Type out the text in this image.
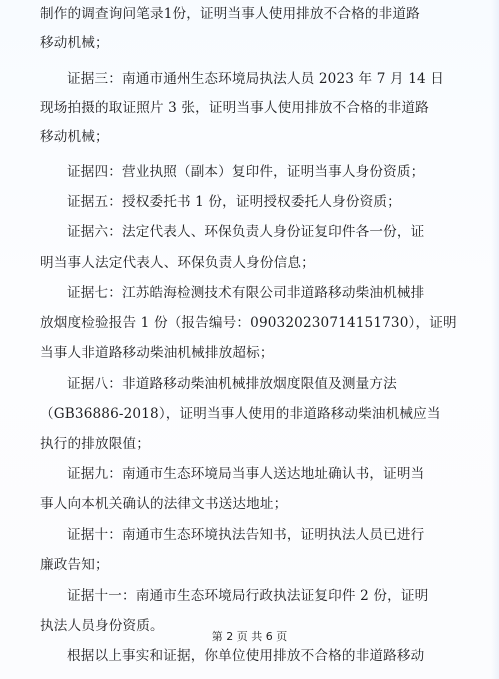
制作的调查询问笔录1份，证明当事人使用排放不合格的非道路
移动机械；
证据三：南通市通州生态环境局执法人员 2023 年 7 月 14 日
现场拍摄的取证照片 3 张，证明当事人使用排放不合格的非道路
移动机械；
证据四：营业执照（副本）复印件，证明当事人身份资质；
证据五：授权委托书 1 份，证明授权委托人身份资质；
证据六：法定代表人、环保负责人身份证复印件各一份，证
明当事人法定代表人、环保负责人身份信息；
证据七：江苏皓海检测技术有限公司非道路移动柴油机械排
放烟度检验报告 1 份（报告编号：090320230714151730），证明
当事人非道路移动柴油机械排放超标；
证据八：非道路移动柴油机械排放烟度限值及测量方法
（GB36886-2018），证明当事人使用的非道路移动柴油机械应当
执行的排放限值；
证据九：南通市生态环境局当事人送达地址确认书，证明当
事人向本机关确认的法律文书送达地址；
证据十：南通市生态环境执法告知书，证明执法人员已进行
廉政告知；
证据十一：南通市生态环境局行政执法证复印件 2 份，证明
执法人员身份资质。
根据以上事实和证据，你单位使用排放不合格的非道路移动
第 2 页 共 6 页
